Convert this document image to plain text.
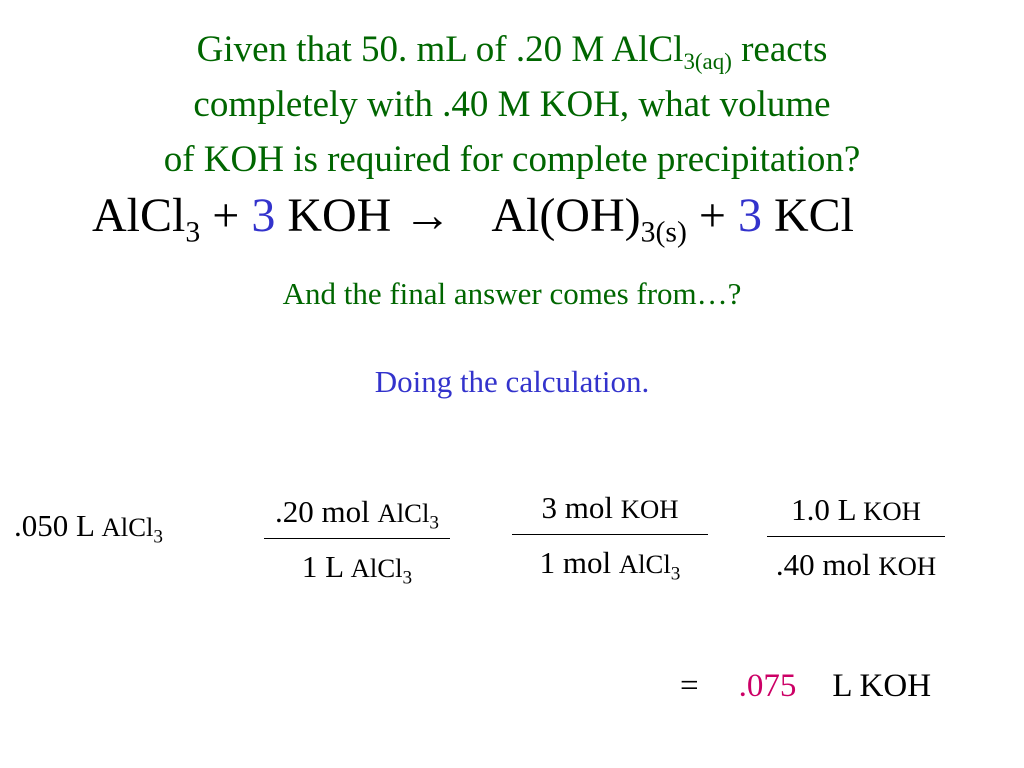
Given that 50. mL of .20 M AlCl$_{3(aq)}$ reacts
completely with .40 M KOH, what volume
of KOH is required for complete precipitation?
AlCl$_3$ + 3 KOH → $Al(OH)_{3(s)} + 3$ KCl
And the final answer comes from…?
Doing the calculation.
.050 L AlCl$_3$
.20 mol AlCl$_3$
1 L AlCl$_3$
3 mol KOH
1 mol AlCl$_3$
1.0 L KOH
.40 mol KOH
= .075 L KOH
